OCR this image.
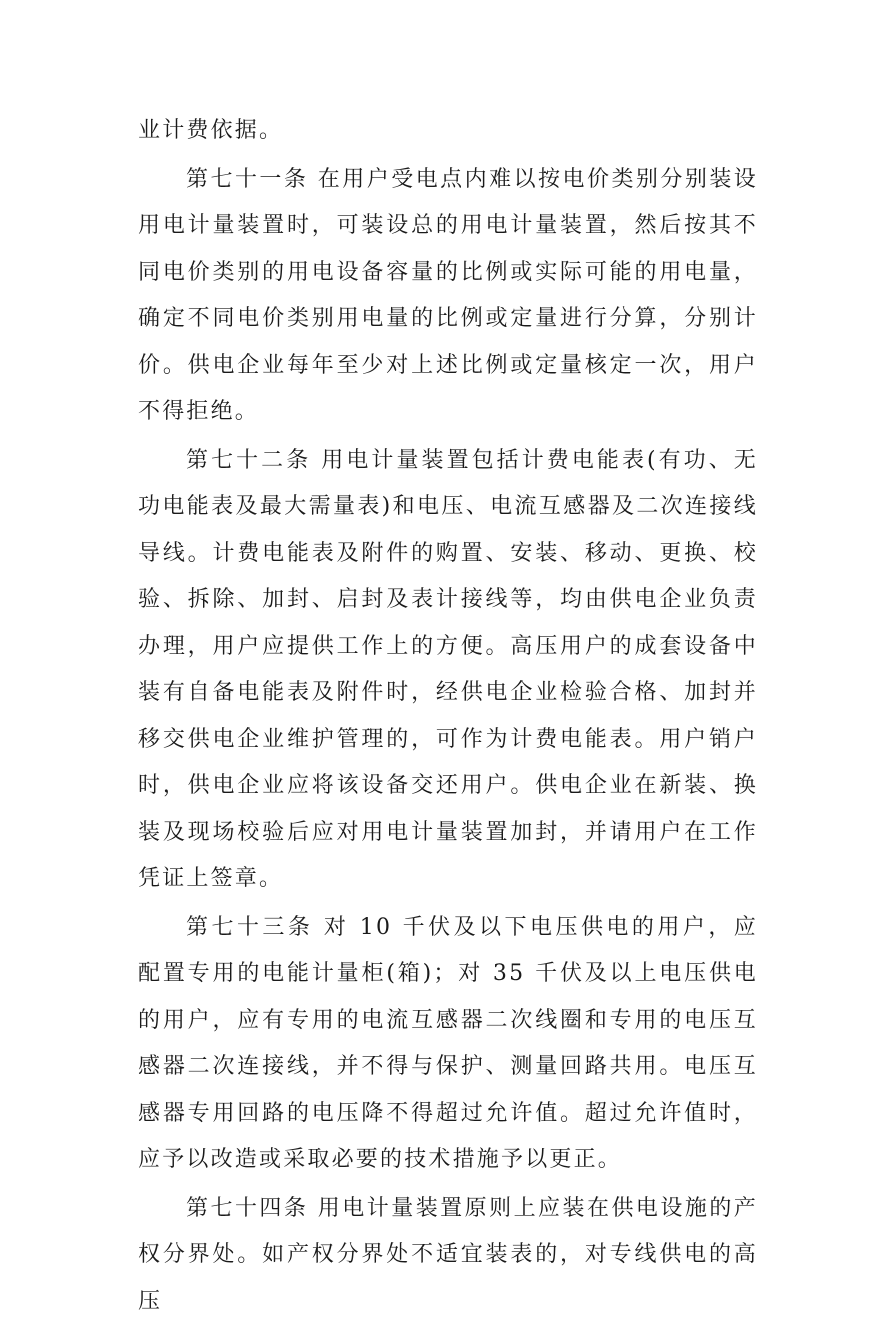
业计费依据。

第七十一条 在用户受电点内难以按电价类别分别装设用电计量装置时，可装设总的用电计量装置，然后按其不同电价类别的用电设备容量的比例或实际可能的用电量，确定不同电价类别用电量的比例或定量进行分算，分别计价。供电企业每年至少对上述比例或定量核定一次，用户不得拒绝。

第七十二条 用电计量装置包括计费电能表(有功、无功电能表及最大需量表)和电压、电流互感器及二次连接线导线。计费电能表及附件的购置、安装、移动、更换、校验、拆除、加封、启封及表计接线等，均由供电企业负责办理，用户应提供工作上的方便。高压用户的成套设备中装有自备电能表及附件时，经供电企业检验合格、加封并移交供电企业维护管理的，可作为计费电能表。用户销户时，供电企业应将该设备交还用户。供电企业在新装、换装及现场校验后应对用电计量装置加封，并请用户在工作凭证上签章。

第七十三条 对 10 千伏及以下电压供电的用户，应 配置专用的电能计量柜(箱)；对 35 千伏及以上电压供电的用户，应有专用的电流互感器二次线圈和专用的电压互感器二次连接线，并不得与保护、测量回路共用。电压互感器专用回路的电压降不得超过允许值。超过允许值时，应予以改造或采取必要的技术措施予以更正。

第七十四条 用电计量装置原则上应装在供电设施的产权分界处。如产权分界处不适宜装表的，对专线供电的高压
